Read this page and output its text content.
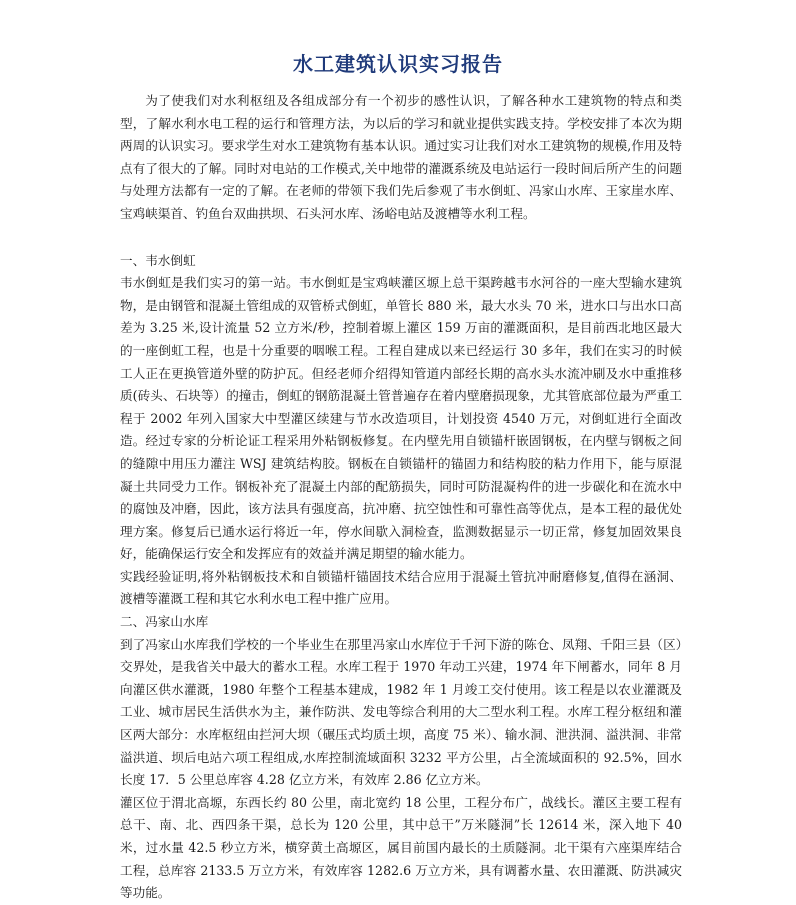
水工建筑认识实习报告

为了使我们对水利枢纽及各组成部分有一个初步的感性认识，了解各种水工建筑物的特点和类型，了解水利水电工程的运行和管理方法，为以后的学习和就业提供实践支持。学校安排了本次为期两周的认识实习。要求学生对水工建筑物有基本认识。通过实习让我们对水工建筑物的规模,作用及特点有了很大的了解。同时对电站的工作模式,关中地带的灌溉系统及电站运行一段时间后所产生的问题与处理方法都有一定的了解。在老师的带领下我们先后参观了韦水倒虹、冯家山水库、王家崖水库、宝鸡峡渠首、钓鱼台双曲拱坝、石头河水库、汤峪电站及渡槽等水利工程。

一、韦水倒虹

韦水倒虹是我们实习的第一站。韦水倒虹是宝鸡峡灌区塬上总干渠跨越韦水河谷的一座大型输水建筑物，是由钢管和混凝土管组成的双管桥式倒虹，单管长 880 米，最大水头 70 米，进水口与出水口高差为 3.25 米,设计流量 52 立方米/秒，控制着塬上灌区 159 万亩的灌溉面积，是目前西北地区最大的一座倒虹工程，也是十分重要的咽喉工程。工程自建成以来已经运行 30 多年，我们在实习的时候工人正在更换管道外壁的防护瓦。但经老师介绍得知管道内部经长期的高水头水流冲刷及水中重推移质(砖头、石块等）的撞击，倒虹的钢筋混凝土管普遍存在着内壁磨损现象，尤其管底部位最为严重工程于 2002 年列入国家大中型灌区续建与节水改造项目，计划投资 4540 万元，对倒虹进行全面改造。经过专家的分析论证工程采用外粘钢板修复。在内壁先用自锁锚杆嵌固钢板，在内壁与钢板之间的缝隙中用压力灌注 WSJ 建筑结构胶。钢板在自锁锚杆的锚固力和结构胶的粘力作用下，能与原混凝土共同受力工作。钢板补充了混凝土内部的配筋损失，同时可防混凝构件的进一步碳化和在流水中的腐蚀及冲磨，因此，该方法具有强度高，抗冲磨、抗空蚀性和可靠性高等优点，是本工程的最优处理方案。修复后已通水运行将近一年，停水间歇入洞检查，监测数据显示一切正常，修复加固效果良好，能确保运行安全和发挥应有的效益并满足期望的输水能力。

实践经验证明,将外粘钢板技术和自锁锚杆锚固技术结合应用于混凝土管抗冲耐磨修复,值得在涵洞、渡槽等灌溉工程和其它水利水电工程中推广应用。

二、冯家山水库

到了冯家山水库我们学校的一个毕业生在那里冯家山水库位于千河下游的陈仓、凤翔、千阳三县（区）交界处，是我省关中最大的蓄水工程。水库工程于 1970 年动工兴建，1974 年下闸蓄水，同年 8 月向灌区供水灌溉，1980 年整个工程基本建成，1982 年 1 月竣工交付使用。该工程是以农业灌溉及工业、城市居民生活供水为主，兼作防洪、发电等综合利用的大二型水利工程。水库工程分枢纽和灌区两大部分：水库枢纽由拦河大坝（碾压式均质土坝，高度 75 米）、输水洞、泄洪洞、溢洪洞、非常溢洪道、坝后电站六项工程组成,水库控制流域面积 3232 平方公里，占全流域面积的 92.5%，回水长度 17．5 公里总库容 4.28 亿立方米，有效库 2.86 亿立方米。

灌区位于渭北高塬，东西长约 80 公里，南北宽约 18 公里，工程分布广，战线长。灌区主要工程有总干、南、北、西四条干渠，总长为 120 公里，其中总干”万米隧洞”长 12614 米，深入地下 40 米，过水量 42.5 秒立方米，横穿黄土高塬区，属目前国内最长的土质隧洞。北干渠有六座渠库结合工程，总库容 2133.5 万立方米，有效库容 1282.6 万立方米，具有调蓄水量、农田灌溉、防洪减灾等功能。
